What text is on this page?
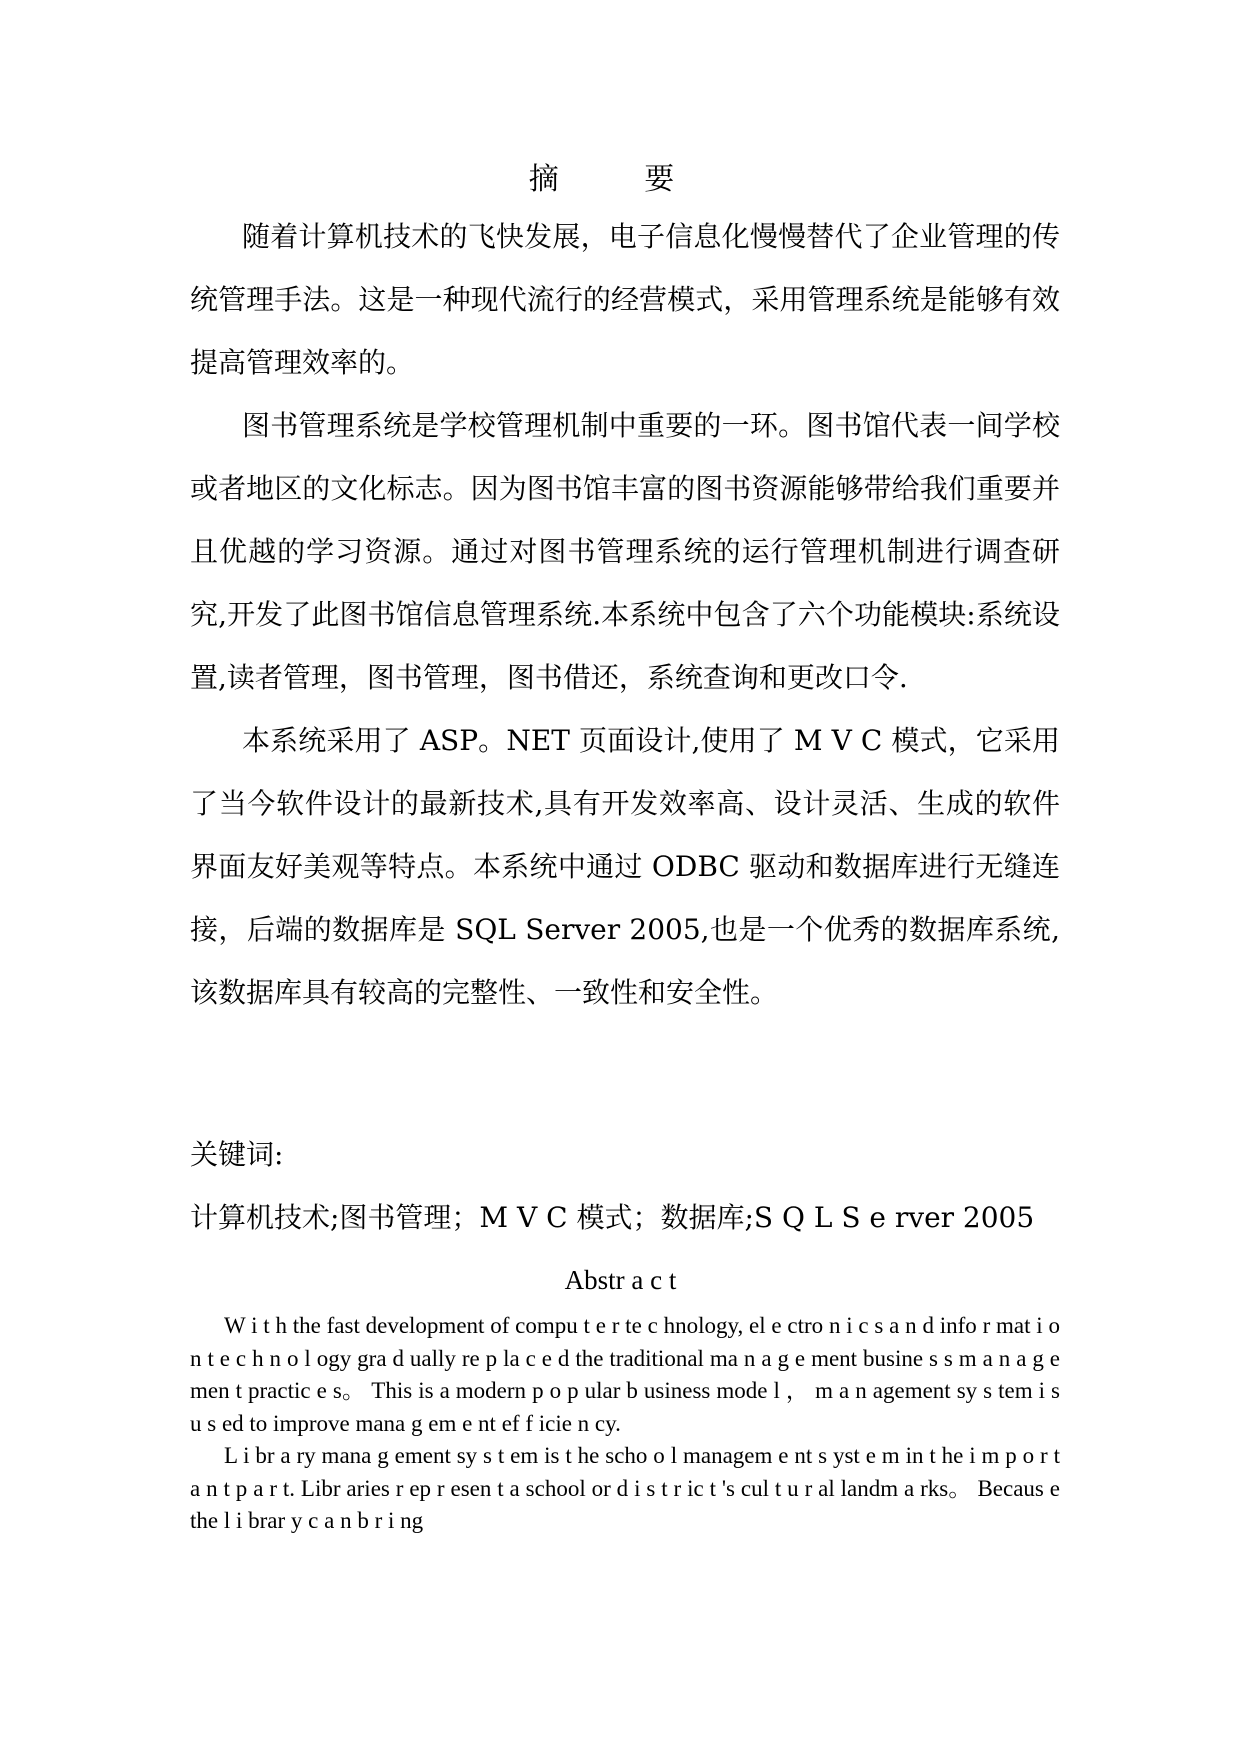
摘 要

随着计算机技术的飞快发展，电子信息化慢慢替代了企业管理的传统管理手法。这是一种现代流行的经营模式，采用管理系统是能够有效提高管理效率的。

图书管理系统是学校管理机制中重要的一环。图书馆代表一间学校或者地区的文化标志。因为图书馆丰富的图书资源能够带给我们重要并且优越的学习资源。通过对图书管理系统的运行管理机制进行调查研究,开发了此图书馆信息管理系统.本系统中包含了六个功能模块:系统设置,读者管理，图书管理，图书借还，系统查询和更改口令.

本系统采用了 ASP。NET 页面设计,使用了 M V C 模式，它采用了当今软件设计的最新技术,具有开发效率高、设计灵活、生成的软件界面友好美观等特点。本系统中通过 ODBC 驱动和数据库进行无缝连接，后端的数据库是 SQL Server 2005,也是一个优秀的数据库系统,该数据库具有较高的完整性、一致性和安全性。

关键词:
计算机技术;图书管理；M V C 模式；数据库;S Q L S e rver 2005
Abstr a c t

W i t h the fast development of compu t e r te c hnology, el e ctro n i c s a n d info r mat i o n t e c h n o l ogy gra d ually re p la c e d the traditional ma n a g e ment busine s s m a n a g e men t practic e s。 This is a modern p o p ular b usiness mode l ， m a n agement sy s tem i s u s ed to improve mana g em e nt ef f icie n cy.

L i br a ry mana g ement sy s t em is t he scho o l managem e nt s yst e m in t he i m p o r t a n t p a r t. Libr aries r ep r esen t a school or d i s t r ic t 's cul t u r al landm a rks。 Becaus e the l i brar y c a n b r i ng
